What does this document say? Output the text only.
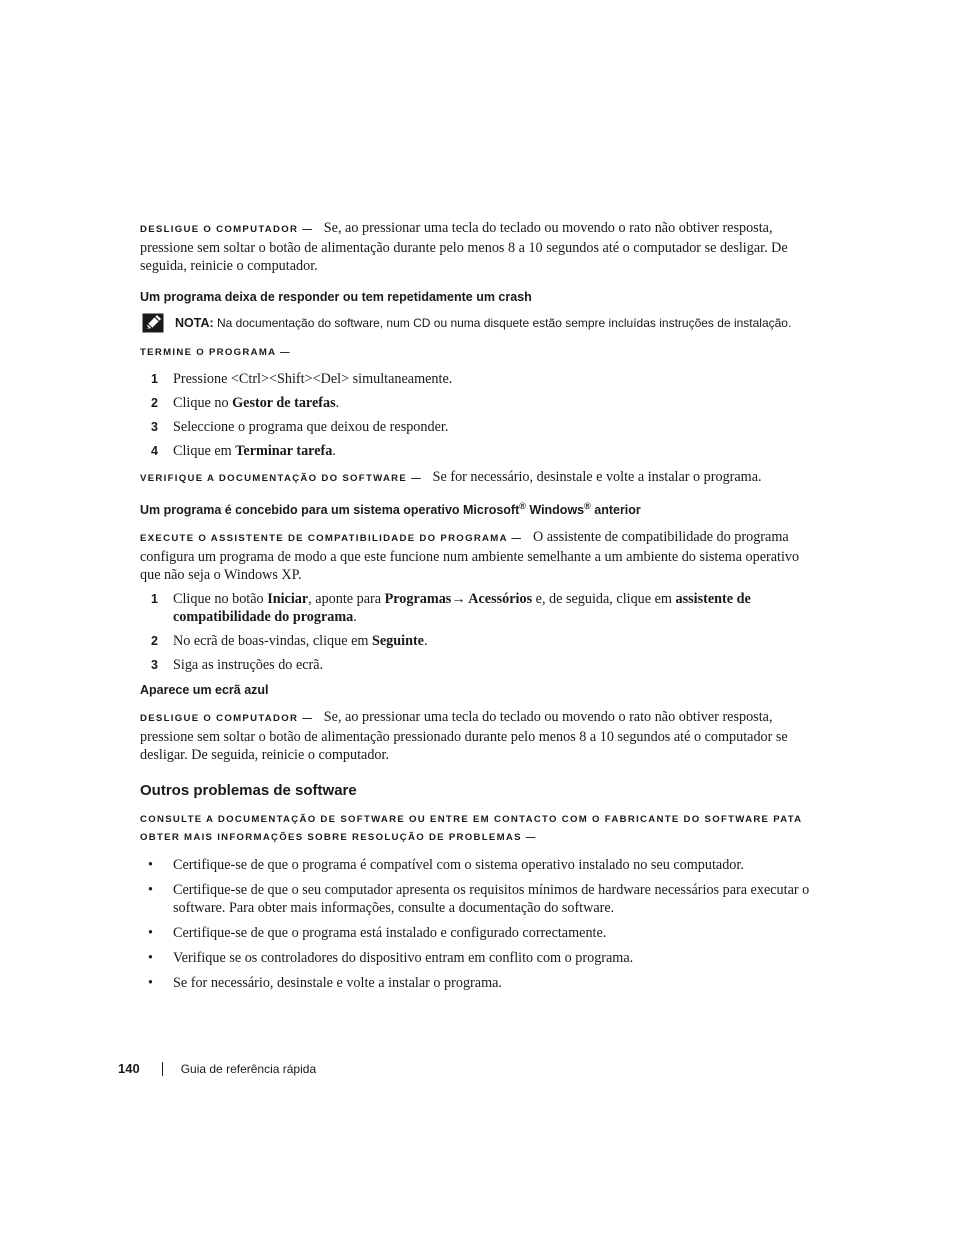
DESLIGUE O COMPUTADOR — Se, ao pressionar uma tecla do teclado ou movendo o rato não obtiver resposta, pressione sem soltar o botão de alimentação durante pelo menos 8 a 10 segundos até o computador se desligar. De seguida, reinicie o computador.

Um programa deixa de responder ou tem repetidamente um crash
NOTA: Na documentação do software, num CD ou numa disquete estão sempre incluídas instruções de instalação.
TERMINE O PROGRAMA —
1 Pressione <Ctrl><Shift><Del> simultaneamente.
2 Clique no Gestor de tarefas.
3 Seleccione o programa que deixou de responder.
4 Clique em Terminar tarefa.

VERIFIQUE A DOCUMENTAÇÃO DO SOFTWARE — Se for necessário, desinstale e volte a instalar o programa.

Um programa é concebido para um sistema operativo Microsoft® Windows® anterior

EXECUTE O ASSISTENTE DE COMPATIBILIDADE DO PROGRAMA — O assistente de compatibilidade do programa configura um programa de modo a que este funcione num ambiente semelhante a um ambiente do sistema operativo que não seja o Windows XP.

1 Clique no botão Iniciar, aponte para Programas→ Acessórios e, de seguida, clique em assistente de compatibilidade do programa.
2 No ecrã de boas-vindas, clique em Seguinte.
3 Siga as instruções do ecrã.
Aparece um ecrã azul

DESLIGUE O COMPUTADOR — Se, ao pressionar uma tecla do teclado ou movendo o rato não obtiver resposta, pressione sem soltar o botão de alimentação pressionado durante pelo menos 8 a 10 segundos até o computador se desligar. De seguida, reinicie o computador.

Outros problemas de software

CONSULTE A DOCUMENTAÇÃO DE SOFTWARE OU ENTRE EM CONTACTO COM O FABRICANTE DO SOFTWARE PATA OBTER MAIS INFORMAÇÕES SOBRE RESOLUÇÃO DE PROBLEMAS —

• Certifique-se de que o programa é compatível com o sistema operativo instalado no seu computador.
• Certifique-se de que o seu computador apresenta os requisitos mínimos de hardware necessários para executar o software. Para obter mais informações, consulte a documentação do software.
• Certifique-se de que o programa está instalado e configurado correctamente.
• Verifique se os controladores do dispositivo entram em conflito com o programa.
• Se for necessário, desinstale e volte a instalar o programa.
140	Guia de referência rápida
